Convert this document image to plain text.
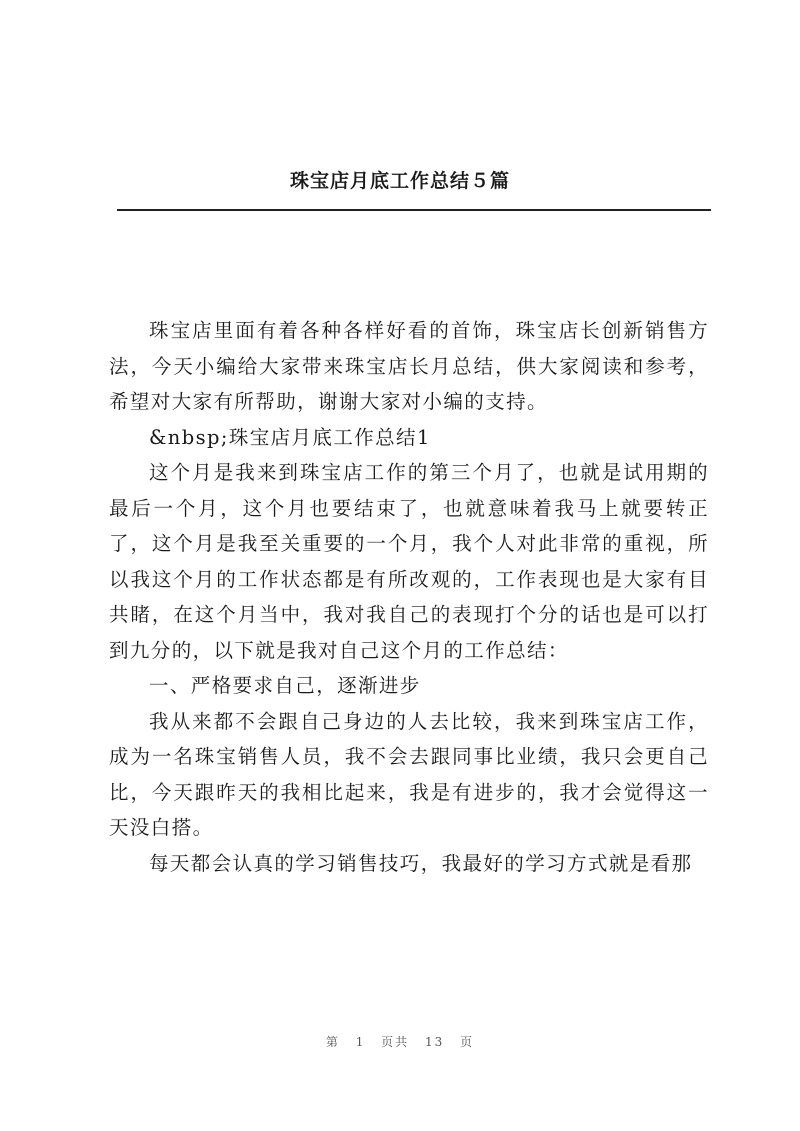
珠宝店月底工作总结５篇

珠宝店里面有着各种各样好看的首饰，珠宝店长创新销售方法，今天小编给大家带来珠宝店长月总结，供大家阅读和参考，希望对大家有所帮助，谢谢大家对小编的支持。

&nbsp;珠宝店月底工作总结1

这个月是我来到珠宝店工作的第三个月了，也就是试用期的最后一个月，这个月也要结束了，也就意味着我马上就要转正了，这个月是我至关重要的一个月，我个人对此非常的重视，所以我这个月的工作状态都是有所改观的，工作表现也是大家有目共睹，在这个月当中，我对我自己的表现打个分的话也是可以打到九分的，以下就是我对自己这个月的工作总结：

一、严格要求自己，逐渐进步

我从来都不会跟自己身边的人去比较，我来到珠宝店工作，成为一名珠宝销售人员，我不会去跟同事比业绩，我只会更自己比，今天跟昨天的我相比起来，我是有进步的，我才会觉得这一天没白搭。

每天都会认真的学习销售技巧，我最好的学习方式就是看那

第 1 页共 13 页
